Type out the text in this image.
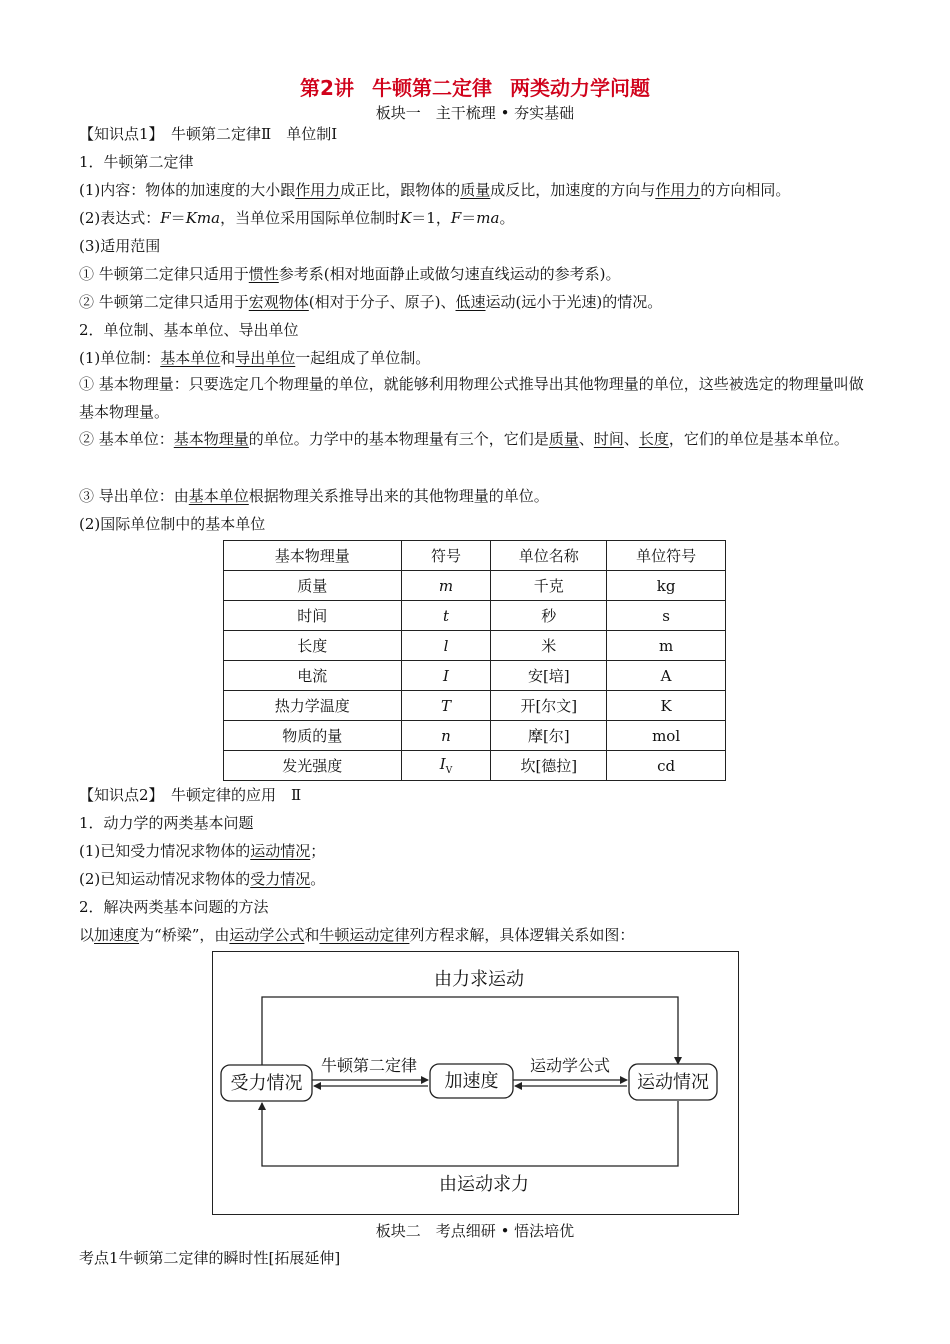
第2讲 牛顿第二定律 两类动力学问题
板块一　主干梳理 • 夯实基础
【知识点1】　牛顿第二定律Ⅱ　单位制Ⅰ
1．牛顿第二定律
(1)内容：物体的加速度的大小跟作用力成正比，跟物体的质量成反比，加速度的方向与作用力的方向相同。
(2)表达式：F＝Kma，当单位采用国际单位制时K＝1，F＝ma。
(3)适用范围
① 牛顿第二定律只适用于惯性参考系(相对地面静止或做匀速直线运动的参考系)。
② 牛顿第二定律只适用于宏观物体(相对于分子、原子)、低速运动(远小于光速)的情况。
2．单位制、基本单位、导出单位
(1)单位制：基本单位和导出单位一起组成了单位制。
① 基本物理量：只要选定几个物理量的单位，就能够利用物理公式推导出其他物理量的单位，这些被选定的物理量叫做基本物理量。
② 基本单位：基本物理量的单位。力学中的基本物理量有三个，它们是质量、时间、长度，它们的单位是基本单位。
③ 导出单位：由基本单位根据物理关系推导出来的其他物理量的单位。
(2)国际单位制中的基本单位
基本物理量	符号	单位名称	单位符号
质量	m	千克	kg
时间	t	秒	s
长度	l	米	m
电流	I	安[培]	A
热力学温度	T	开[尔文]	K
物质的量	n	摩[尔]	mol
发光强度	$I_V$	坎[德拉]	cd
【知识点2】　牛顿定律的应用　Ⅱ
1．动力学的两类基本问题
(1)已知受力情况求物体的运动情况；
(2)已知运动情况求物体的受力情况。
2．解决两类基本问题的方法
以加速度为“桥梁”，由运动学公式和牛顿运动定律列方程求解，具体逻辑关系如图：
由力求运动
由运动求力
受力情况	加速度	运动情况
牛顿第二定律	运动学公式
板块二　考点细研 • 悟法培优
考点1牛顿第二定律的瞬时性[拓展延伸]
